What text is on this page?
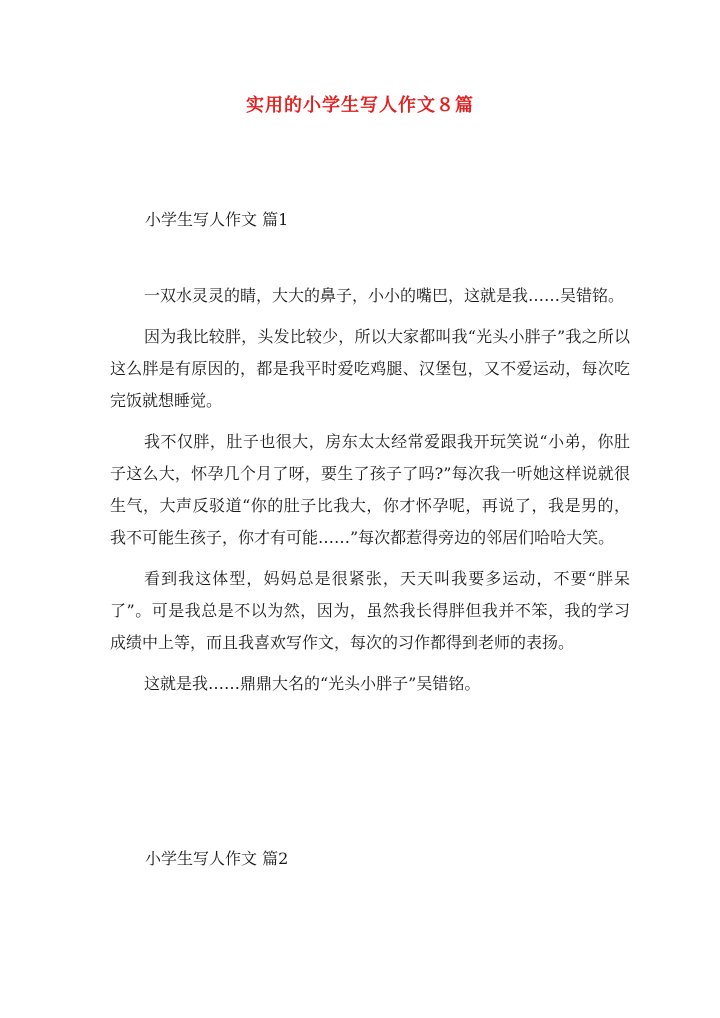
实用的小学生写人作文８篇
小学生写人作文 篇1

一双水灵灵的睛，大大的鼻子，小小的嘴巴，这就是我……吴错铭。

因为我比较胖，头发比较少，所以大家都叫我“光头小胖子”我之所以这么胖是有原因的，都是我平时爱吃鸡腿、汉堡包，又不爱运动，每次吃完饭就想睡觉。

我不仅胖，肚子也很大，房东太太经常爱跟我开玩笑说“小弟，你肚子这么大，怀孕几个月了呀，要生了孩子了吗?”每次我一听她这样说就很生气，大声反驳道“你的肚子比我大，你才怀孕呢，再说了，我是男的，我不可能生孩子，你才有可能……”每次都惹得旁边的邻居们哈哈大笑。

看到我这体型，妈妈总是很紧张，天天叫我要多运动，不要“胖呆了”。可是我总是不以为然，因为，虽然我长得胖但我并不笨，我的学习成绩中上等，而且我喜欢写作文，每次的习作都得到老师的表扬。

这就是我……鼎鼎大名的“光头小胖子”吴错铭。

小学生写人作文 篇2
